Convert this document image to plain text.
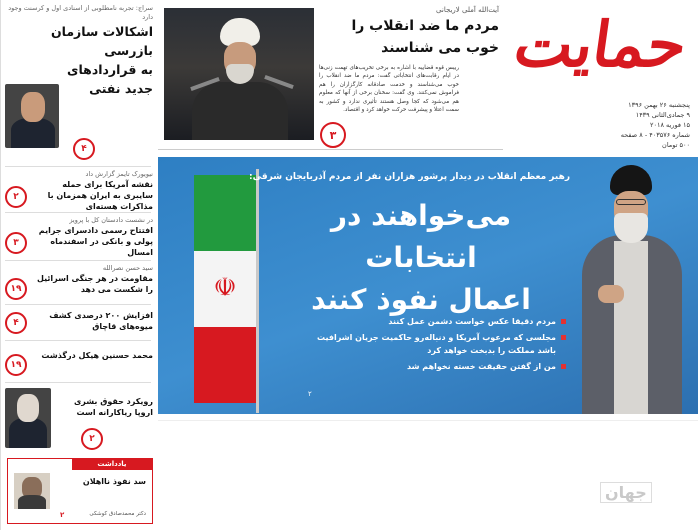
حمایت
پنجشنبه ۲۶ بهمن ۱۳۹۶
۹ جمادی‌الثانی ۱۴۳۹
۱۵ فوریه ۲۰۱۸
شماره ۴۰۳۵۷۶ - ۸ صفحه
۵۰۰ تومان
آیت‌الله آملی لاریجانی
مردم ما ضد انقلاب را
خوب می شناسند
رییس قوه قضاییه با اشاره به برخی تخریب‌های تهمت زنی‌ها در ایام رقابت‌های انتخاباتی گفت: مردم ما ضد انقلاب را خوب می‌شناسند و خدمت صادقانه کارگزاران را هم فراموش نمی‌کنند. وی گفت: سخنان برخی از آنها که معلوم هم می‌شود که کجا وصل هستند تأثیری ندارد و کشور به سمت اعتلا و پیشرفت حرکت خواهد کرد و اقتصاد.
۳
☫
رهبر معظم انقلاب در دیدار پرشور هزاران نفر از مردم آذربایجان شرقی:
می‌خواهند در انتخابات
اعمال نفوذ کنند
مردم دقیقا عکس خواست دشمن عمل کنند
مجلسی که مرعوب آمریکا و دنباله‌رو حاکمیت جریان اشرافیت باشد مملکت را بدبخت خواهد کرد
من از گفتن حقیقت خسته نخواهم شد
۲
سراج: تجربه نامطلوبی از اسنادی اول و کرسنت وجود دارد
اشکالات سازمان بازرسی
به قراردادهای
جدید نفتی
۴
نیویورک تایمز گزارش داد
نقشه آمریکا برای حمله سایبری به ایران همزمان با مذاکرات هسته‌ای
۲
در نشست دادستان کل با پرویز
افتتاح رسمی دادسرای جرایم پولی و بانکی در اسفندماه امسال
۳
سید حسن نصرالله
مقاومت در هر جنگی اسرائیل را شکست می دهد
۱۹
افزایش ۲۰۰ درصدی کشف میوه‌های قاچاق
۴
محمد حسنین هیکل درگذشت
۱۹
رویکرد حقوق بشری اروپا ریاکارانه است
۲
یادداشت
سد نفوذ نااهلان
دکتر محمدصادق کوشکی
۲
جهان
